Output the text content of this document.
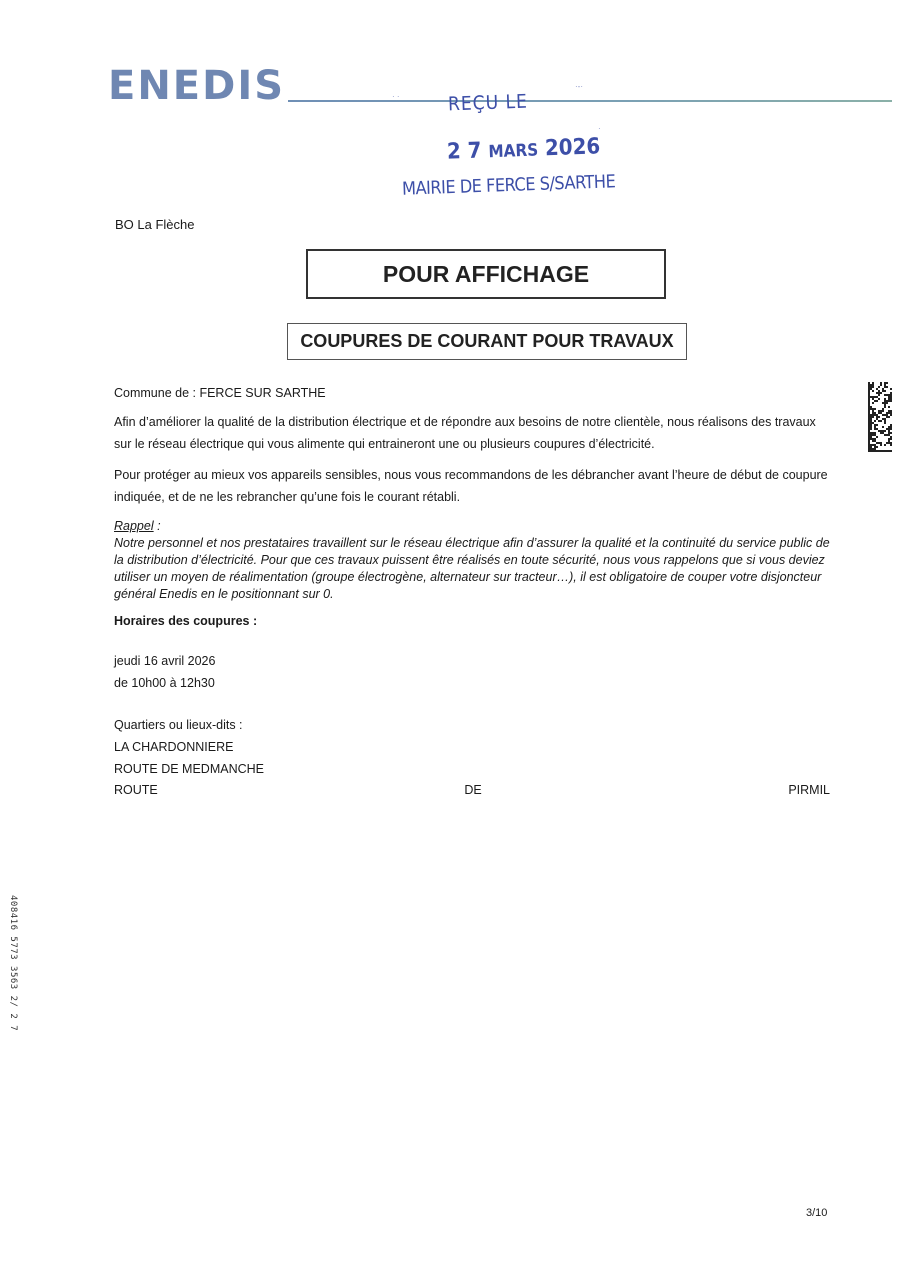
ENEDIS	REÇU LE
2 7 MARS 2026
MAIRIE DE FERCE S/SARTHE
· ·
·-·
·
BO La Flèche
POUR AFFICHAGE
COUPURES DE COURANT POUR TRAVAUX
Commune de : FERCE SUR SARTHE
Afin d’améliorer la qualité de la distribution électrique et de répondre aux besoins de notre clientèle, nous réalisons des travaux sur le réseau électrique qui vous alimente qui entraineront une ou plusieurs coupures d’électricité.
Pour protéger au mieux vos appareils sensibles, nous vous recommandons de les débrancher avant l’heure de début de coupure indiquée, et de ne les rebrancher qu’une fois le courant rétabli.
Rappel :
Notre personnel et nos prestataires travaillent sur le réseau électrique afin d’assurer la qualité et la continuité du service public de la distribution d’électricité. Pour que ces travaux puissent être réalisés en toute sécurité, nous vous rappelons que si vous deviez utiliser un moyen de réalimentation (groupe électrogène, alternateur sur tracteur…), il est obligatoire de couper votre disjoncteur général Enedis en le positionnant sur 0.
Horaires des coupures :
jeudi 16 avril 2026
de 10h00 à 12h30
Quartiers ou lieux-dits :
LA CHARDONNIERE
ROUTE DE MEDMANCHE
ROUTE	DE	PIRMIL
408416 5773 3563 2/ 2 7
3/10
